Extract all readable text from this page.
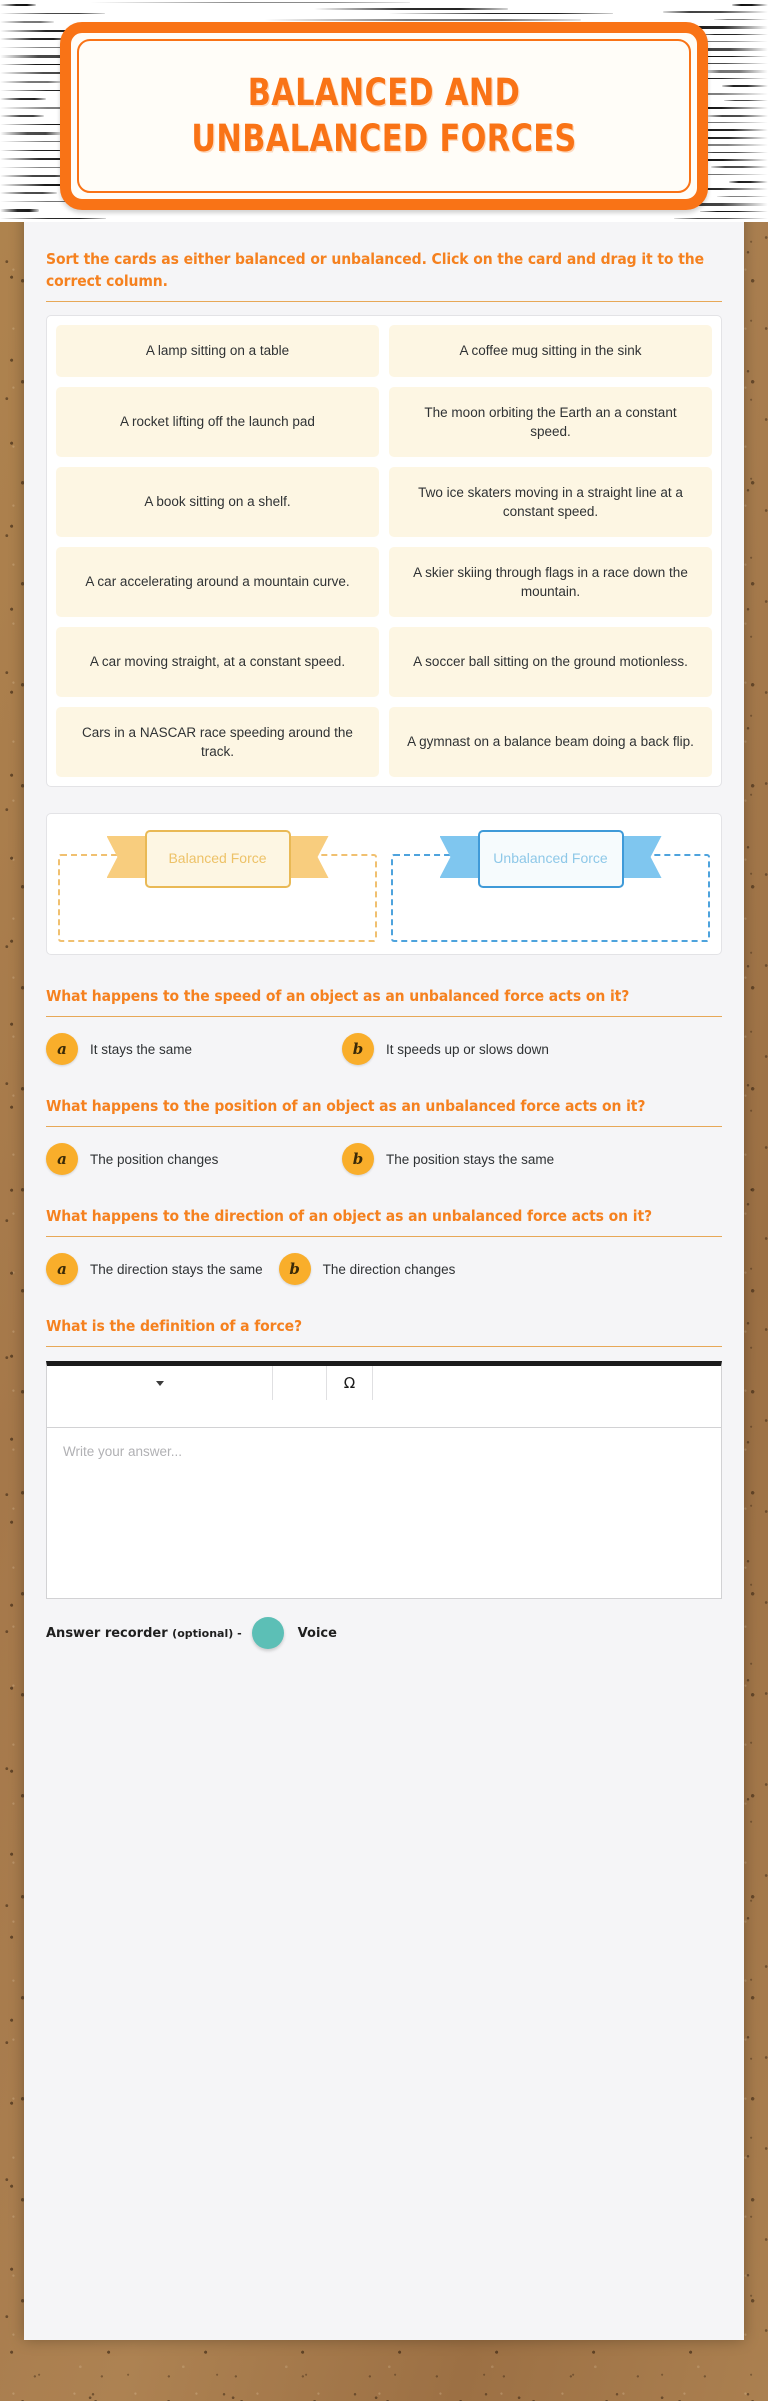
BALANCED AND
UNBALANCED FORCES
Sort the cards as either balanced or unbalanced. Click on the card and drag it to the correct column.
A lamp sitting on a table	A coffee mug sitting in the sink
A rocket lifting off the launch pad
The moon orbiting the Earth an a constant speed.
A book sitting on a shelf.
Two ice skaters moving in a straight line at a constant speed.
A car accelerating around a mountain curve.
A skier skiing through flags in a race down the mountain.
A car moving straight, at a constant speed.	A soccer ball sitting on the ground motionless.
Cars in a NASCAR race speeding around the track.
A gymnast on a balance beam doing a back flip.
Balanced Force	Unbalanced Force
What happens to the speed of an object as an unbalanced force acts on it?
a	It stays the same	b	It speeds up or slows down
What happens to the position of an object as an unbalanced force acts on it?
a	The position changes	b	The position stays the same
What happens to the direction of an object as an unbalanced force acts on it?
a	The direction stays the same	b	The direction changes
What is the definition of a force?
Ω
Write your answer...
Answer recorder (optional) -	Voice
